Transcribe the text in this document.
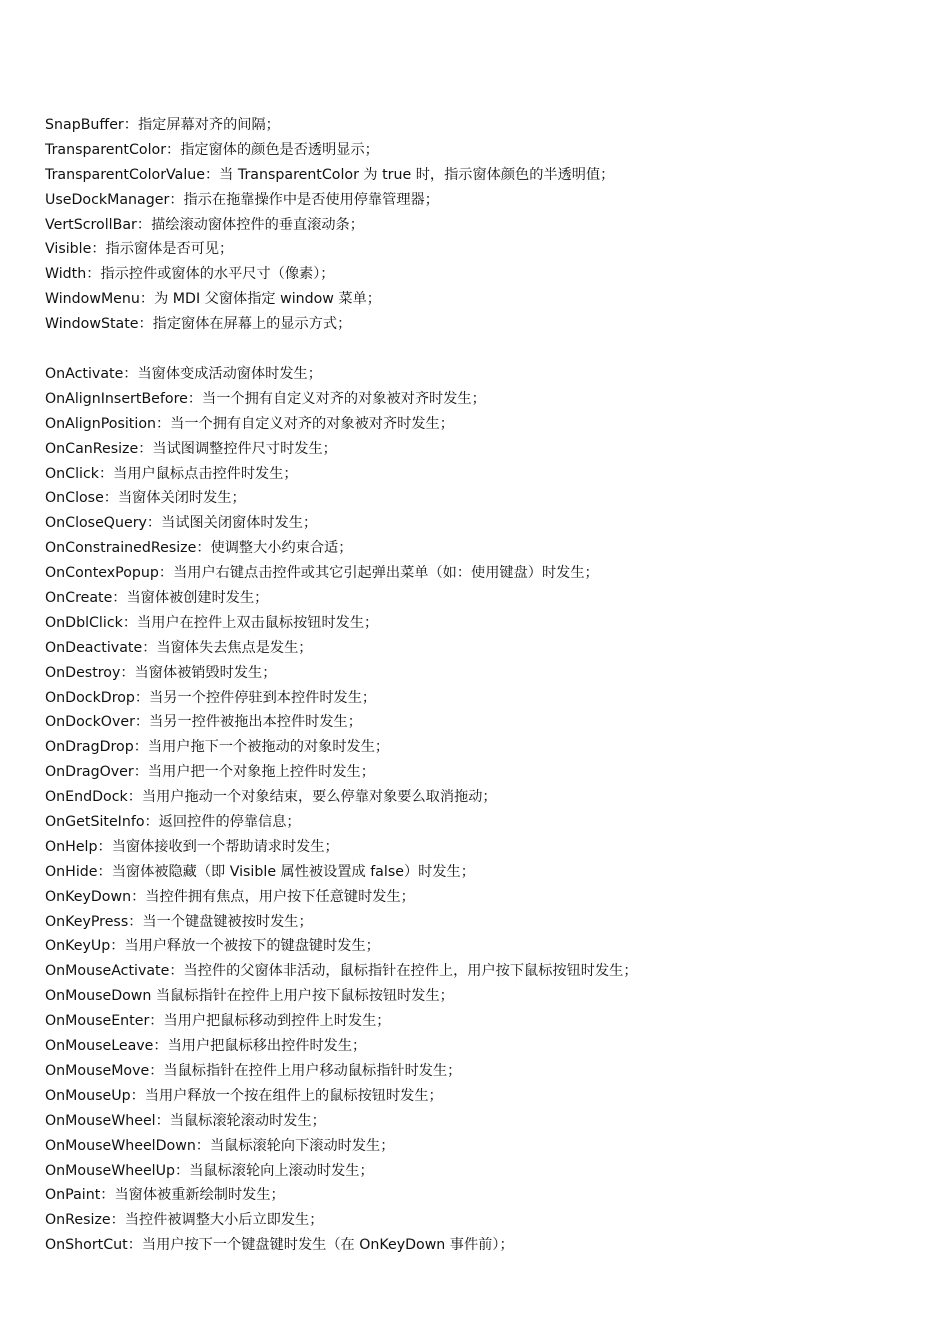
SnapBuffer：指定屏幕对齐的间隔；
TransparentColor：指定窗体的颜色是否透明显示；
TransparentColorValue：当 TransparentColor 为 true 时，指示窗体颜色的半透明值；
UseDockManager：指示在拖靠操作中是否使用停靠管理器；
VertScrollBar：描绘滚动窗体控件的垂直滚动条；
Visible：指示窗体是否可见；
Width：指示控件或窗体的水平尺寸（像素）；
WindowMenu：为 MDI 父窗体指定 window 菜单；
WindowState：指定窗体在屏幕上的显示方式；
OnActivate：当窗体变成活动窗体时发生；
OnAlignInsertBefore：当一个拥有自定义对齐的对象被对齐时发生；
OnAlignPosition：当一个拥有自定义对齐的对象被对齐时发生；
OnCanResize：当试图调整控件尺寸时发生；
OnClick：当用户鼠标点击控件时发生；
OnClose：当窗体关闭时发生；
OnCloseQuery：当试图关闭窗体时发生；
OnConstrainedResize：使调整大小约束合适；
OnContexPopup：当用户右键点击控件或其它引起弹出菜单（如：使用键盘）时发生；
OnCreate：当窗体被创建时发生；
OnDblClick：当用户在控件上双击鼠标按钮时发生；
OnDeactivate：当窗体失去焦点是发生；
OnDestroy：当窗体被销毁时发生；
OnDockDrop：当另一个控件停驻到本控件时发生；
OnDockOver：当另一控件被拖出本控件时发生；
OnDragDrop：当用户拖下一个被拖动的对象时发生；
OnDragOver：当用户把一个对象拖上控件时发生；
OnEndDock：当用户拖动一个对象结束，要么停靠对象要么取消拖动；
OnGetSiteInfo：返回控件的停靠信息；
OnHelp：当窗体接收到一个帮助请求时发生；
OnHide：当窗体被隐藏（即 Visible 属性被设置成 false）时发生；
OnKeyDown：当控件拥有焦点，用户按下任意键时发生；
OnKeyPress：当一个键盘键被按时发生；
OnKeyUp：当用户释放一个被按下的键盘键时发生；
OnMouseActivate：当控件的父窗体非活动，鼠标指针在控件上，用户按下鼠标按钮时发生；
OnMouseDown 当鼠标指针在控件上用户按下鼠标按钮时发生；
OnMouseEnter：当用户把鼠标移动到控件上时发生；
OnMouseLeave：当用户把鼠标移出控件时发生；
OnMouseMove：当鼠标指针在控件上用户移动鼠标指针时发生；
OnMouseUp：当用户释放一个按在组件上的鼠标按钮时发生；
OnMouseWheel：当鼠标滚轮滚动时发生；
OnMouseWheelDown：当鼠标滚轮向下滚动时发生；
OnMouseWheelUp：当鼠标滚轮向上滚动时发生；
OnPaint：当窗体被重新绘制时发生；
OnResize：当控件被调整大小后立即发生；
OnShortCut：当用户按下一个键盘键时发生（在 OnKeyDown 事件前）；
